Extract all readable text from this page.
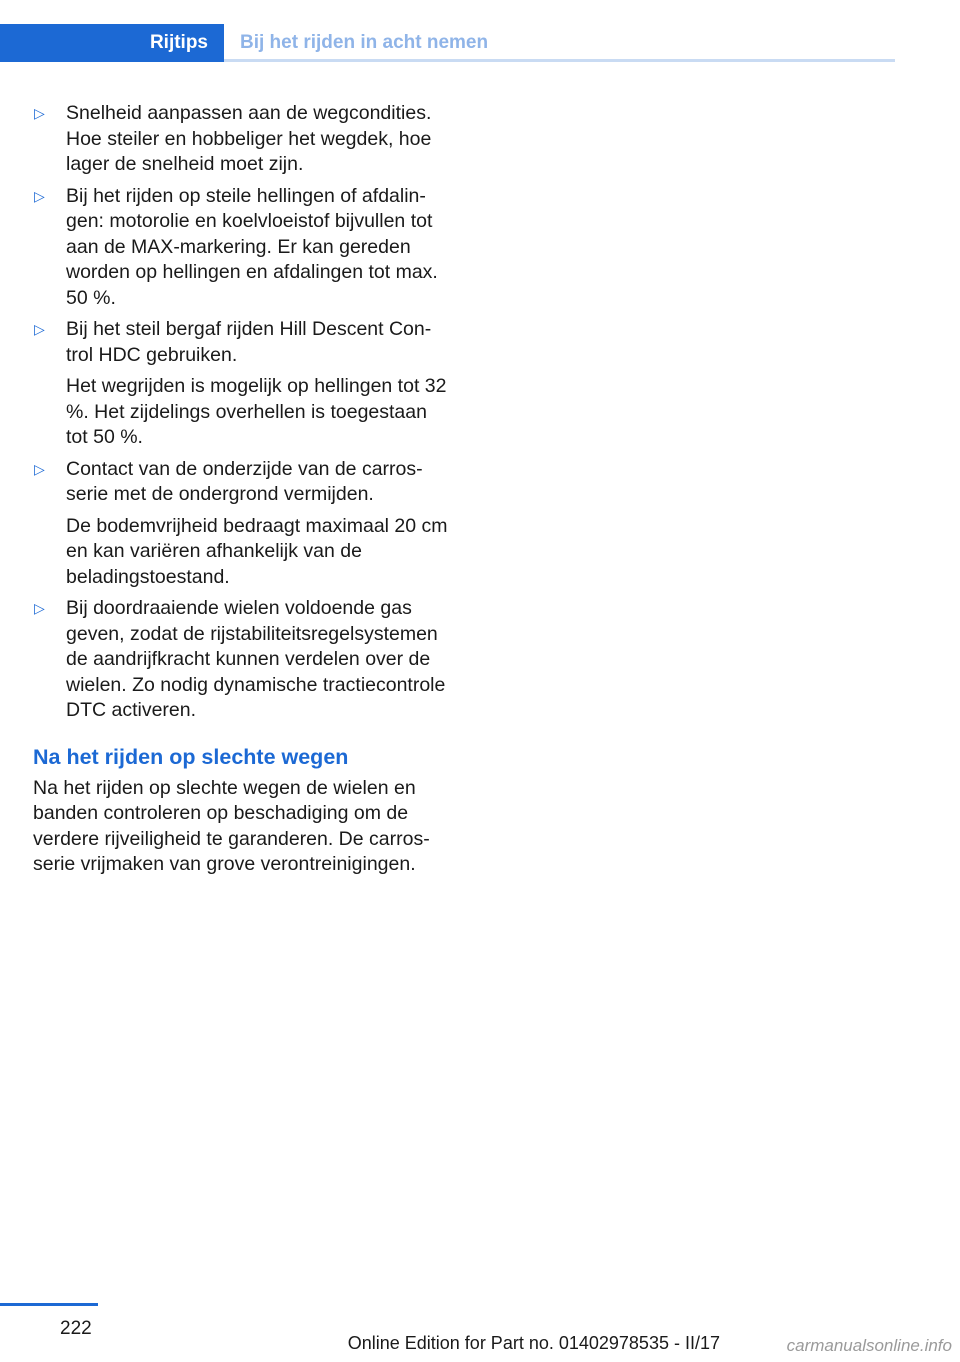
Rijtips	Bij het rijden in acht nemen
▷ Snelheid aanpassen aan de wegcondities. Hoe steiler en hobbeliger het wegdek, hoe lager de snelheid moet zijn.

▷ Bij het rijden op steile hellingen of afdalingen: motorolie en koelvloeistof bijvullen tot aan de MAX-markering. Er kan gereden worden op hellingen en afdalingen tot max. 50 %.

▷ Bij het steil bergaf rijden Hill Descent Control HDC gebruiken.

Het wegrijden is mogelijk op hellingen tot 32 %. Het zijdelings overhellen is toegestaan tot 50 %.

▷ Contact van de onderzijde van de carrosserie met de ondergrond vermijden.

De bodemvrijheid bedraagt maximaal 20 cm en kan variëren afhankelijk van de beladingstoestand.

▷ Bij doordraaiende wielen voldoende gas geven, zodat de rijstabiliteitsregelsystemen de aandrijfkracht kunnen verdelen over de wielen. Zo nodig dynamische tractiecontrole DTC activeren.

Na het rijden op slechte wegen

Na het rijden op slechte wegen de wielen en banden controleren op beschadiging om de verdere rijveiligheid te garanderen. De carrosserie vrijmaken van grove verontreinigingen.

222
Online Edition for Part no. 01402978535 - II/17	carmanualsonline.info
